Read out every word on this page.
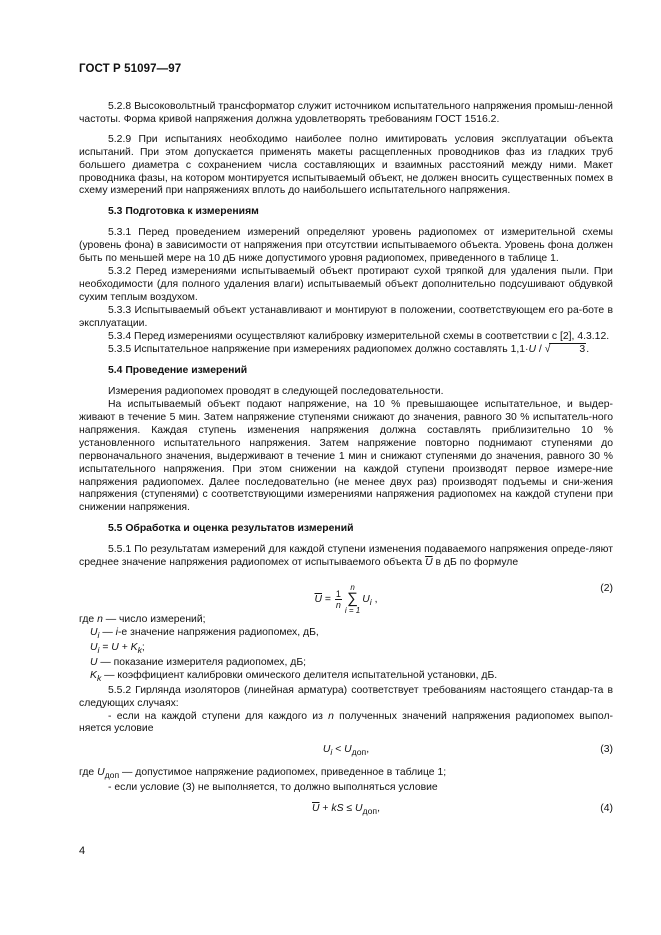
ГОСТ Р 51097—97

5.2.8 Высоковольтный трансформатор служит источником испытательного напряжения промыш-ленной частоты. Форма кривой напряжения должна удовлетворять требованиям ГОСТ 1516.2.

5.2.9 При испытаниях необходимо наиболее полно имитировать условия эксплуатации объекта испытаний. При этом допускается применять макеты расщепленных проводников фаз из гладких труб большего диаметра с сохранением числа составляющих и взаимных расстояний между ними. Макет проводника фазы, на котором монтируется испытываемый объект, не должен вносить существенных помех в схему измерений при напряжениях вплоть до наибольшего испытательного напряжения.

5.3 Подготовка к измерениям

5.3.1 Перед проведением измерений определяют уровень радиопомех от измерительной схемы (уровень фона) в зависимости от напряжения при отсутствии испытываемого объекта. Уровень фона должен быть по меньшей мере на 10 дБ ниже допустимого уровня радиопомех, приведенного в таблице 1.

5.3.2 Перед измерениями испытываемый объект протирают сухой тряпкой для удаления пыли. При необходимости (для полного удаления влаги) испытываемый объект дополнительно подсушивают обдувкой сухим теплым воздухом.

5.3.3 Испытываемый объект устанавливают и монтируют в положении, соответствующем его ра-боте в эксплуатации.

5.3.4 Перед измерениями осуществляют калибровку измерительной схемы в соответствии с [2], 4.3.12.

5.3.5 Испытательное напряжение при измерениях радиопомех должно составлять 1,1·U / √	3.

5.4 Проведение измерений

Измерения радиопомех проводят в следующей последовательности.

На испытываемый объект подают напряжение, на 10 % превышающее испытательное, и выдер-живают в течение 5 мин. Затем напряжение ступенями снижают до значения, равного 30 % испытатель-ного напряжения. Каждая ступень изменения напряжения должна составлять приблизительно 10 % установленного испытательного напряжения. Затем напряжение повторно поднимают ступенями до первоначального значения, выдерживают в течение 1 мин и снижают ступенями до значения, равного 30 % испытательного напряжения. При этом снижении на каждой ступени производят первое измере-ние напряжения радиопомех. Далее последовательно (не менее двух раз) производят подъемы и сни-жения напряжения (ступенями) с соответствующими измерениями напряжения радиопомех на каждой ступени при снижении напряжения.

5.5 Обработка и оценка результатов измерений

5.5.1 По результатам измерений для каждой ступени изменения подаваемого напряжения опреде-ляют среднее значение напряжения радиопомех от испытываемого объекта $\overline{U}$ в дБ по формуле

$\overline{U} = \frac{1}{n}$
n
∑
i = 1
$U_i$ ,
(2)

где n — число измерений;

$U_i$ — i-е значение напряжения радиопомех, дБ,

$U_i = U + K_k$;

U — показание измерителя радиопомех, дБ;

$K_k$ — коэффициент калибровки омического делителя испытательной установки, дБ.

5.5.2 Гирлянда изоляторов (линейная арматура) соответствует требованиям настоящего стандар-та в следующих случаях:

- если на каждой ступени для каждого из n полученных значений напряжения радиопомех выпол-няется условие

$U_i < U_{доп}$,	(3)

где $U_{доп}$ — допустимое напряжение радиопомех, приведенное в таблице 1;

- если условие (3) не выполняется, то должно выполняться условие

$\overline{U}$ + kS ≤ $U_{доп}$,	(4)
4
